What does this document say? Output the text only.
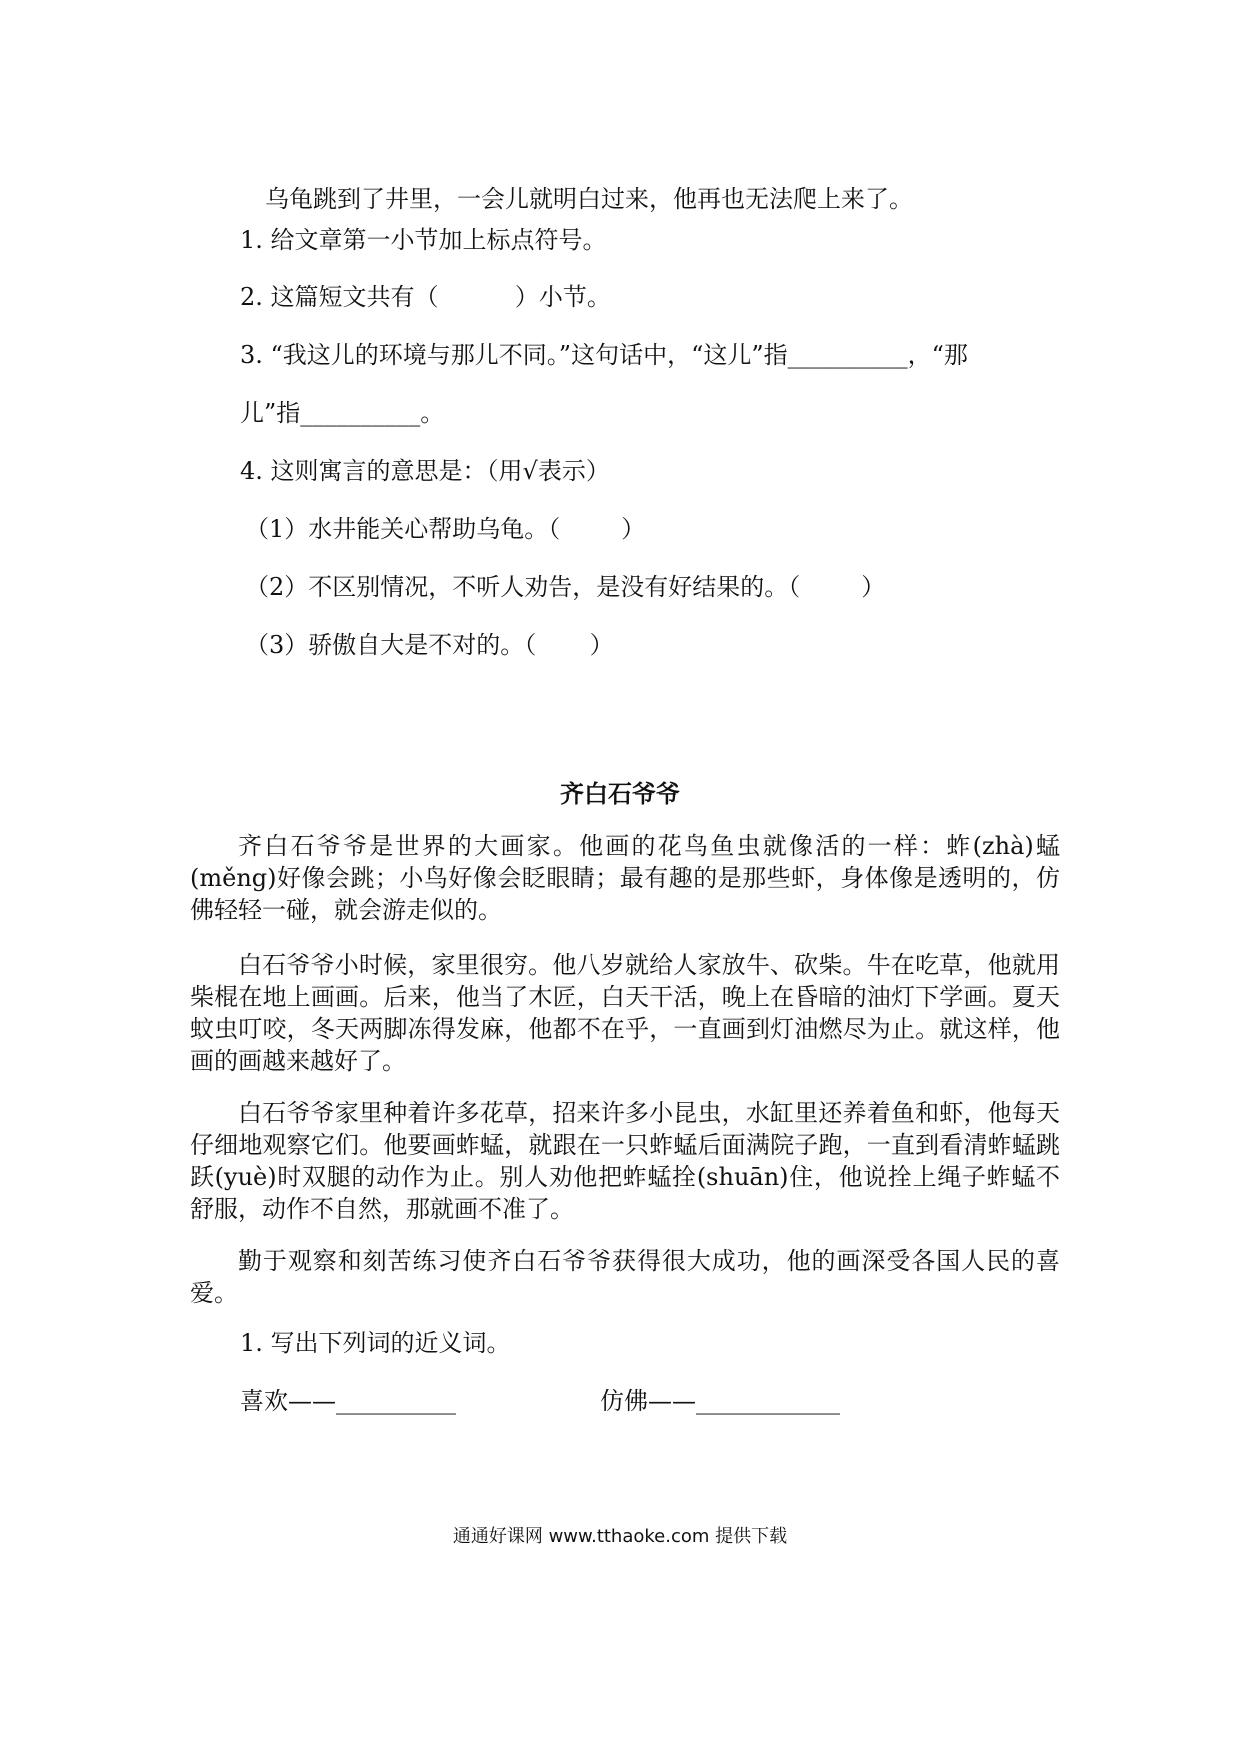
乌龟跳到了井里，一会儿就明白过来，他再也无法爬上来了。

1. 给文章第一小节加上标点符号。

2. 这篇短文共有（          ）小节。

3. “我这儿的环境与那儿不同。”这句话中，“这儿”指__________，“那

儿”指__________。

4. 这则寓言的意思是：（用√表示）

（1）水井能关心帮助乌龟。（        ）

（2）不区别情况，不听人劝告，是没有好结果的。（        ）

（3）骄傲自大是不对的。（       ）

齐白石爷爷

齐白石爷爷是世界的大画家。他画的花鸟鱼虫就像活的一样：蚱(zhà)蜢(měng)好像会跳；小鸟好像会眨眼睛；最有趣的是那些虾，身体像是透明的，仿佛轻轻一碰，就会游走似的。

白石爷爷小时候，家里很穷。他八岁就给人家放牛、砍柴。牛在吃草，他就用柴棍在地上画画。后来，他当了木匠，白天干活，晚上在昏暗的油灯下学画。夏天蚊虫叮咬，冬天两脚冻得发麻，他都不在乎，一直画到灯油燃尽为止。就这样，他画的画越来越好了。

白石爷爷家里种着许多花草，招来许多小昆虫，水缸里还养着鱼和虾，他每天仔细地观察它们。他要画蚱蜢，就跟在一只蚱蜢后面满院子跑，一直到看清蚱蜢跳跃(yuè)时双腿的动作为止。别人劝他把蚱蜢拴(shuān)住，他说拴上绳子蚱蜢不舒服，动作不自然，那就画不准了。

勤于观察和刻苦练习使齐白石爷爷获得很大成功，他的画深受各国人民的喜爱。

1. 写出下列词的近义词。

喜欢——__________	仿佛——____________

通通好课网 www.tthaoke.com 提供下载
